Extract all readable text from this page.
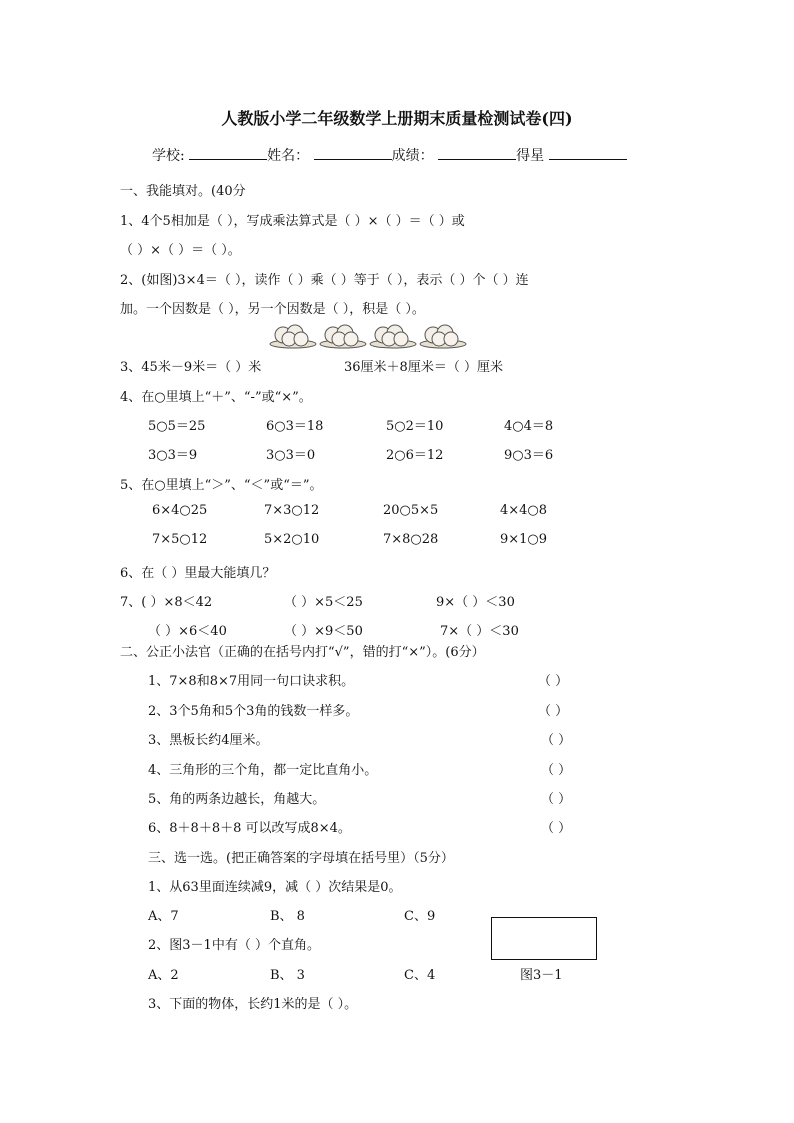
人教版小学二年级数学上册期末质量检测试卷(四)
学校:	姓名：	成绩：	得星
一、我能填对。(40分
1、4个5相加是（ ），写成乘法算式是（ ）×（ ）＝（ ）或
（ ）×（ ）＝（ ）。
2、(如图)3×4＝（ ），读作（ ）乘（ ）等于（ ），表示（ ）个（ ）连
加。一个因数是（ ），另一个因数是（ ），积是（ ）。
3、45米－9米＝（ ）米	36厘米＋8厘米＝（ ）厘米
4、在○里填上“＋”、“-”或“×”。
5○5＝25	6○3＝18	5○2＝10	4○4＝8
3○3＝9	3○3＝0	2○6＝12	9○3＝6
5、在○里填上“＞”、“＜”或“＝”。
6×4○25	7×3○12	20○5×5	4×4○8
7×5○12	5×2○10	7×8○28	9×1○9
6、在（ ）里最大能填几？
7、( ）×8＜42	（ ）×5＜25	9×（ ）＜30
（ ）×6＜40	（ ）×9＜50	7×（ ）＜30
二、公正小法官（正确的在括号内打“√”，错的打“×”）。(6分）
1、7×8和8×7用同一句口诀求积。	（ ）
2、3个5角和5个3角的钱数一样多。	（ ）
3、黑板长约4厘米。	（ ）
4、三角形的三个角，都一定比直角小。	（ ）
5、角的两条边越长，角越大。	（ ）
6、8＋8＋8＋8 可以改写成8×4。	（ ）
三、选一选。(把正确答案的字母填在括号里）（5分）
1、从63里面连续减9，减（ ）次结果是0。
A、7	B、 8	C、9
2、图3－1中有（ ）个直角。
A、2	B、 3	C、4	图3－1
3、下面的物体，长约1米的是（ ）。
